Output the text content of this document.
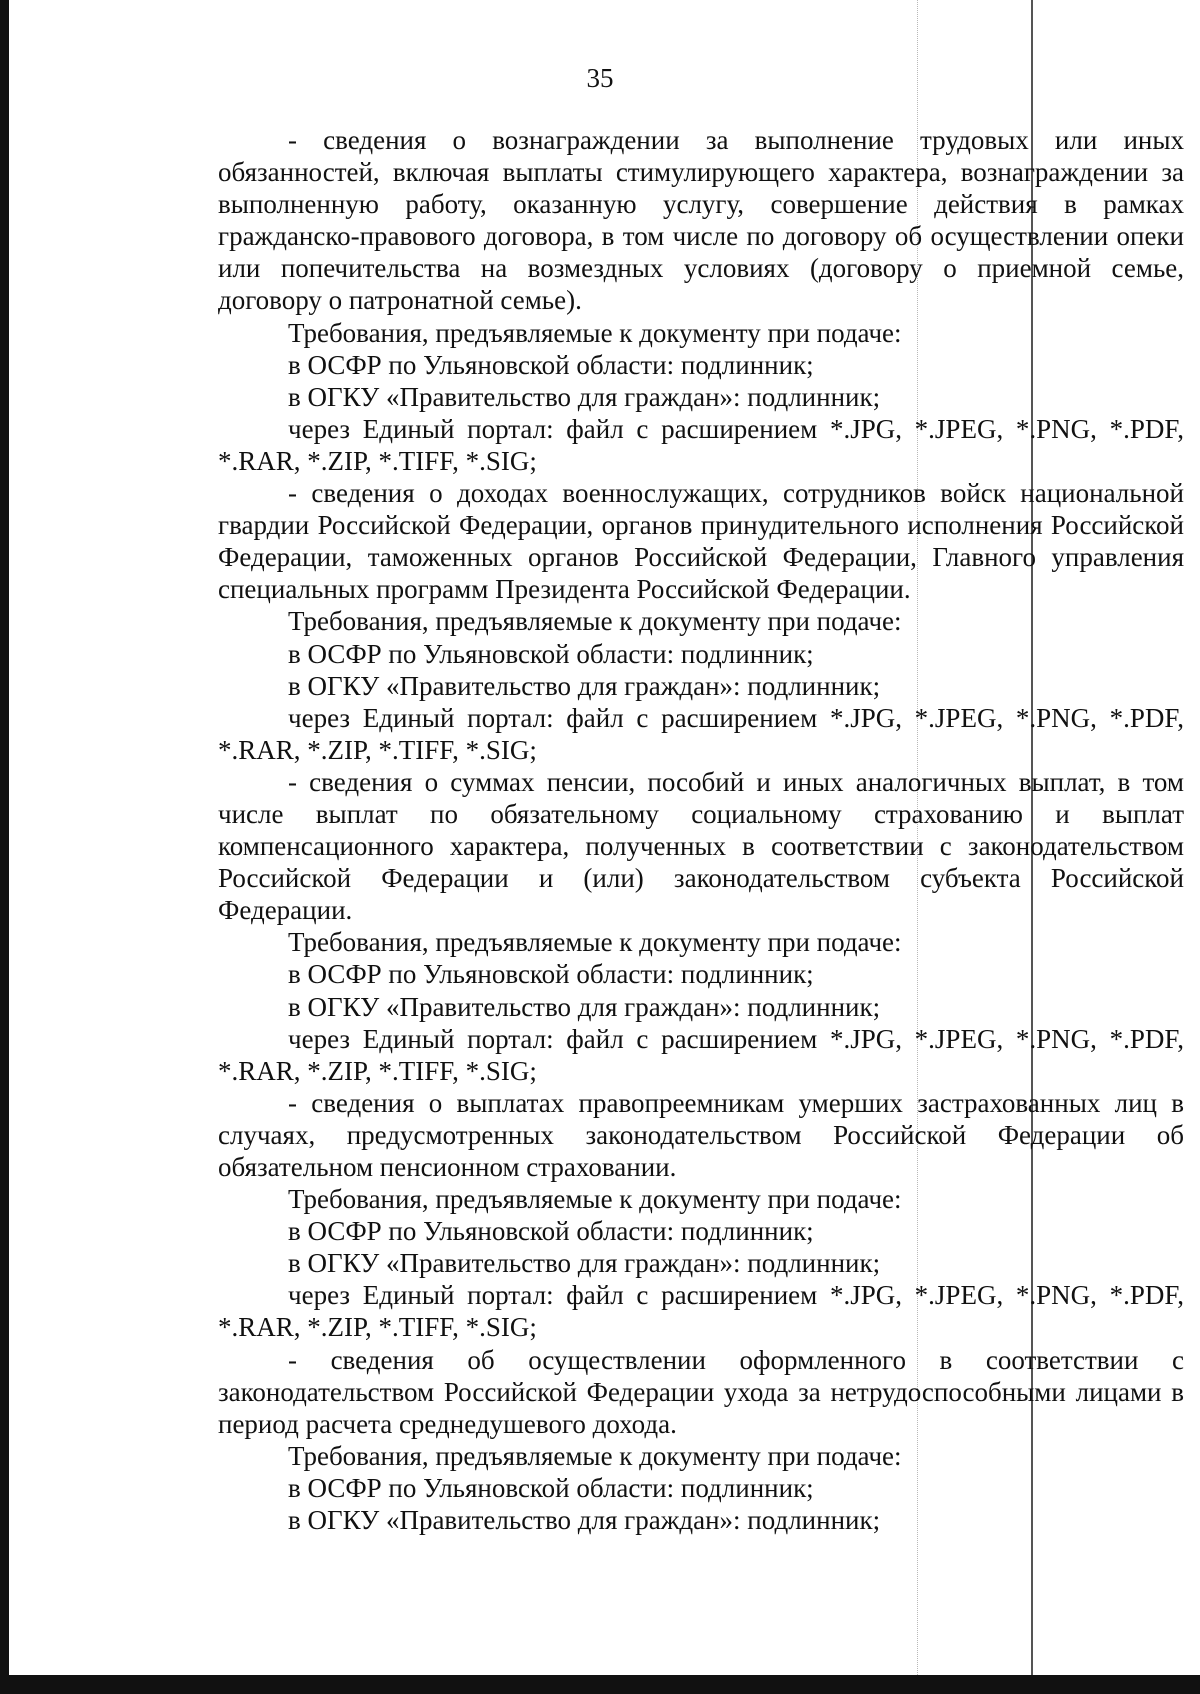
35

- сведения о вознаграждении за выполнение трудовых или иных обязанностей, включая выплаты стимулирующего характера, вознаграждении за выполненную работу, оказанную услугу, совершение действия в рамках гражданско-правового договора, в том числе по договору об осуществлении опеки или попечительства на возмездных условиях (договору о приемной семье, договору о патронатной семье).

Требования, предъявляемые к документу при подаче:

в ОСФР по Ульяновской области: подлинник;

в ОГКУ «Правительство для граждан»: подлинник;

через Единый портал: файл с расширением *.JPG, *.JPEG, *.PNG, *.PDF, *.RAR, *.ZIP, *.TIFF, *.SIG;

- сведения о доходах военнослужащих, сотрудников войск национальной гвардии Российской Федерации, органов принудительного исполнения Российской Федерации, таможенных органов Российской Федерации, Главного управления специальных программ Президента Российской Федерации.

Требования, предъявляемые к документу при подаче:

в ОСФР по Ульяновской области: подлинник;

в ОГКУ «Правительство для граждан»: подлинник;

через Единый портал: файл с расширением *.JPG, *.JPEG, *.PNG, *.PDF, *.RAR, *.ZIP, *.TIFF, *.SIG;

- сведения о суммах пенсии, пособий и иных аналогичных выплат, в том числе выплат по обязательному социальному страхованию и выплат компенсационного характера, полученных в соответствии с законодательством Российской Федерации и (или) законодательством субъекта Российской Федерации.

Требования, предъявляемые к документу при подаче:

в ОСФР по Ульяновской области: подлинник;

в ОГКУ «Правительство для граждан»: подлинник;

через Единый портал: файл с расширением *.JPG, *.JPEG, *.PNG, *.PDF, *.RAR, *.ZIP, *.TIFF, *.SIG;

- сведения о выплатах правопреемникам умерших застрахованных лиц в случаях, предусмотренных законодательством Российской Федерации об обязательном пенсионном страховании.

Требования, предъявляемые к документу при подаче:

в ОСФР по Ульяновской области: подлинник;

в ОГКУ «Правительство для граждан»: подлинник;

через Единый портал: файл с расширением *.JPG, *.JPEG, *.PNG, *.PDF, *.RAR, *.ZIP, *.TIFF, *.SIG;

- сведения об осуществлении оформленного в соответствии с законодательством Российской Федерации ухода за нетрудоспособными лицами в период расчета среднедушевого дохода.

Требования, предъявляемые к документу при подаче:

в ОСФР по Ульяновской области: подлинник;

в ОГКУ «Правительство для граждан»: подлинник;
